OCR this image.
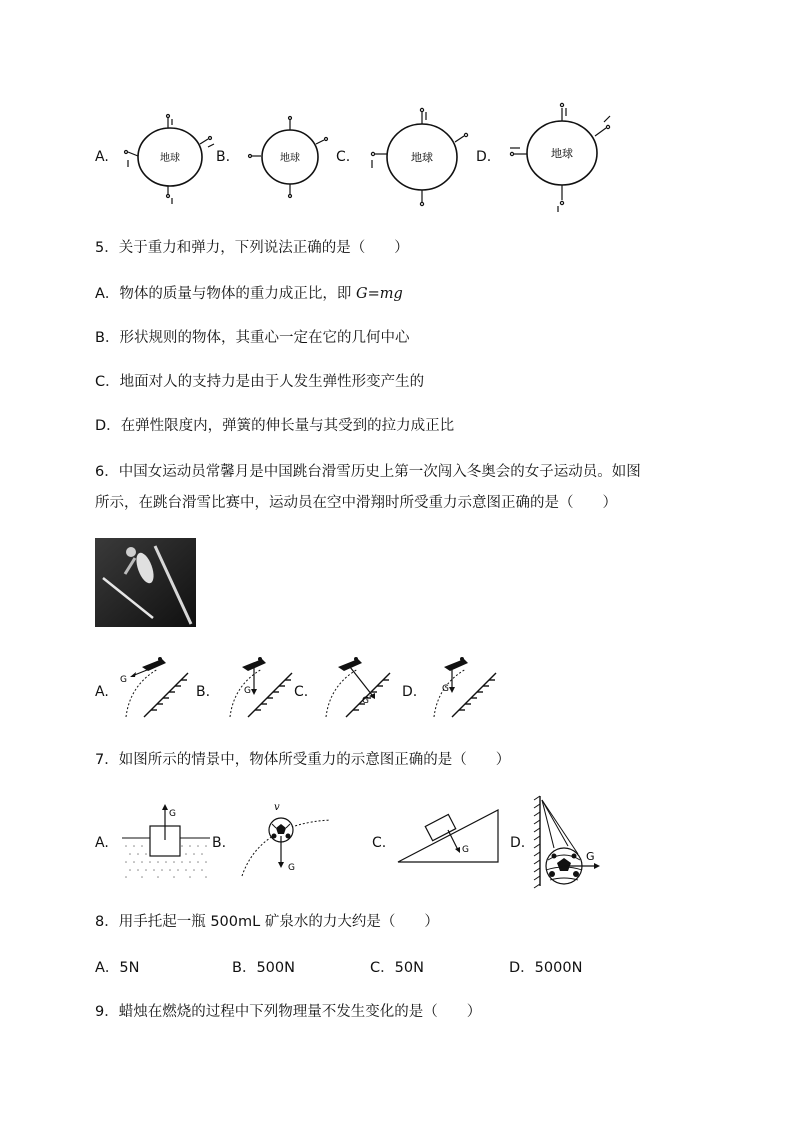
A.	B.	C.	D.
地球	地球	地球	地球
5．关于重力和弹力，下列说法正确的是（　　）
A．物体的质量与物体的重力成正比，即 G=mg
B．形状规则的物体，其重心一定在它的几何中心
C．地面对人的支持力是由于人发生弹性形变产生的
D．在弹性限度内，弹簧的伸长量与其受到的拉力成正比
6．中国女运动员常馨月是中国跳台滑雪历史上第一次闯入冬奥会的女子运动员。如图
所示，在跳台滑雪比赛中，运动员在空中滑翔时所受重力示意图正确的是（　　）
A.	B.	C.	D.
G
G
G
G
7．如图所示的情景中，物体所受重力的示意图正确的是（　　）
A.	B.	C.	D.
G
v
G
G	G
8．用手托起一瓶 500mL 矿泉水的力大约是（　　）
A．5N	B．500N	C．50N	D．5000N
9．蜡烛在燃烧的过程中下列物理量不发生变化的是（　　）
